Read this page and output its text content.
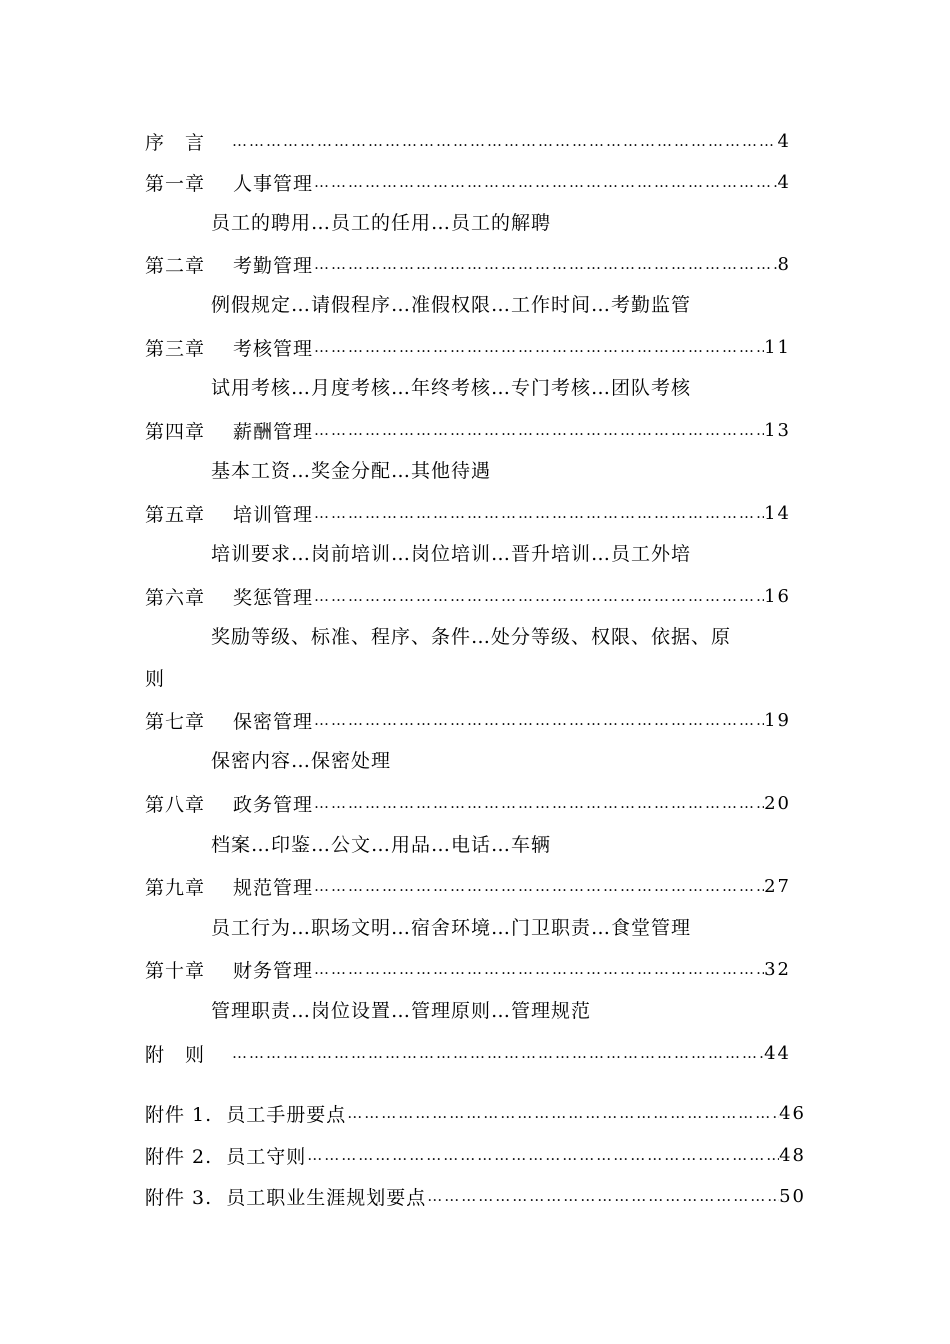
序　言 …………………………………………………………………………………………………………………………	4
第一章 人事管理 …………………………………………………………………………………………………………………………	4
员工的聘用…员工的任用…员工的解聘
第二章 考勤管理 …………………………………………………………………………………………………………………………	8
例假规定…请假程序…准假权限…工作时间…考勤监管
第三章 考核管理 …………………………………………………………………………………………………………………………	11
试用考核…月度考核…年终考核…专门考核…团队考核
第四章 薪酬管理 …………………………………………………………………………………………………………………………	13
基本工资…奖金分配…其他待遇
第五章 培训管理 …………………………………………………………………………………………………………………………	14
培训要求…岗前培训…岗位培训…晋升培训…员工外培
第六章 奖惩管理 …………………………………………………………………………………………………………………………	16
奖励等级、标准、程序、条件…处分等级、权限、依据、原
则
第七章 保密管理 …………………………………………………………………………………………………………………………	19
保密内容…保密处理
第八章 政务管理 …………………………………………………………………………………………………………………………	20
档案…印鉴…公文…用品…电话…车辆
第九章 规范管理 …………………………………………………………………………………………………………………………	27
员工行为…职场文明…宿舍环境…门卫职责…食堂管理
第十章 财务管理 …………………………………………………………………………………………………………………………	32
管理职责…岗位设置…管理原则…管理规范
附　则 …………………………………………………………………………………………………………………………	44
附件 1.  员工手册要点 …………………………………………………………………………………………………………………………	46
附件 2.  员工守则 …………………………………………………………………………………………………………………………	48
附件 3.  员工职业生涯规划要点 …………………………………………………………………………………………………………………………	50
